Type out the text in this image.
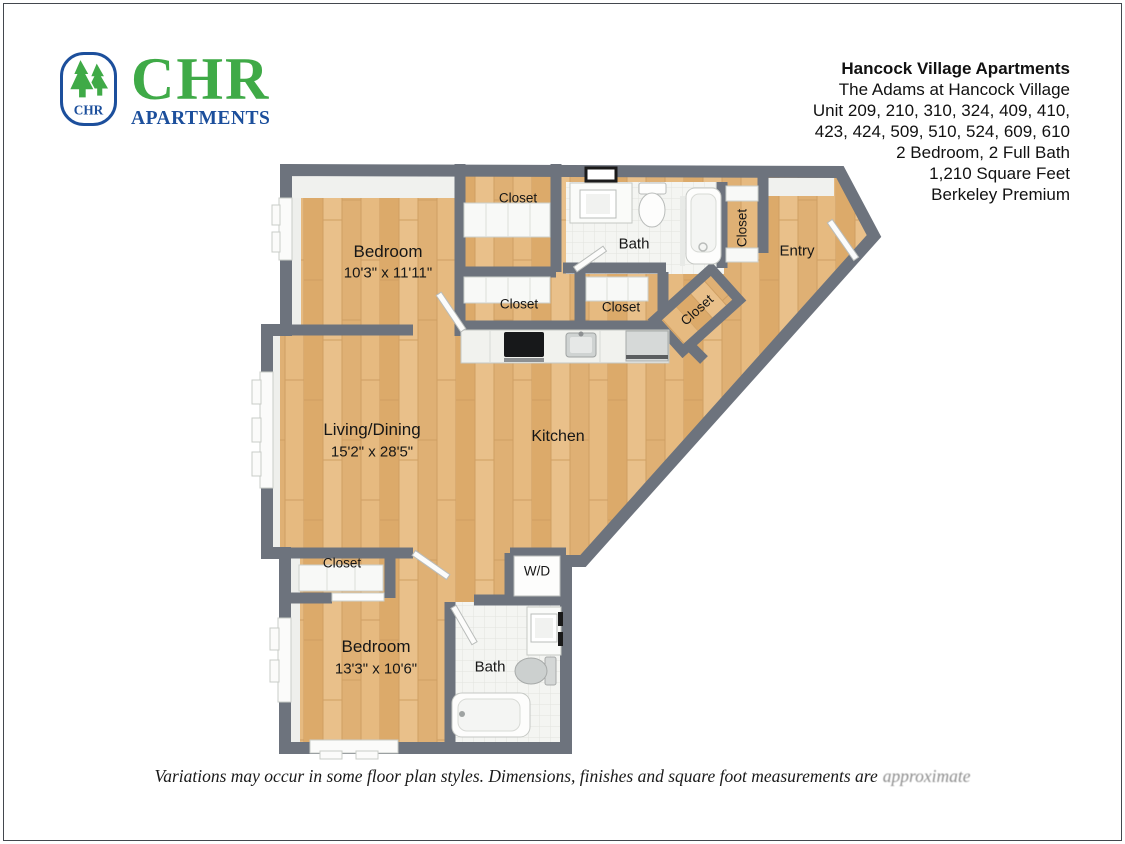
CHR CHR
APARTMENTS
Hancock Village Apartments
The Adams at Hancock Village
Unit 209, 210, 310, 324, 409, 410,
423, 424, 509, 510, 524, 609, 610
2 Bedroom, 2 Full Bath
1,210 Square Feet
Berkeley Premium
Bedroom
10'3" x 11'11"
Closet
Bath	Closet
Entry
Closet	Closet	Closet
Living/Dining
15'2" x 28'5"
Kitchen
Closet
W/D
Bedroom
13'3" x 10'6"	Bath
Variations may occur in some floor plan styles. Dimensions, finishes and square foot measurements are approximate
